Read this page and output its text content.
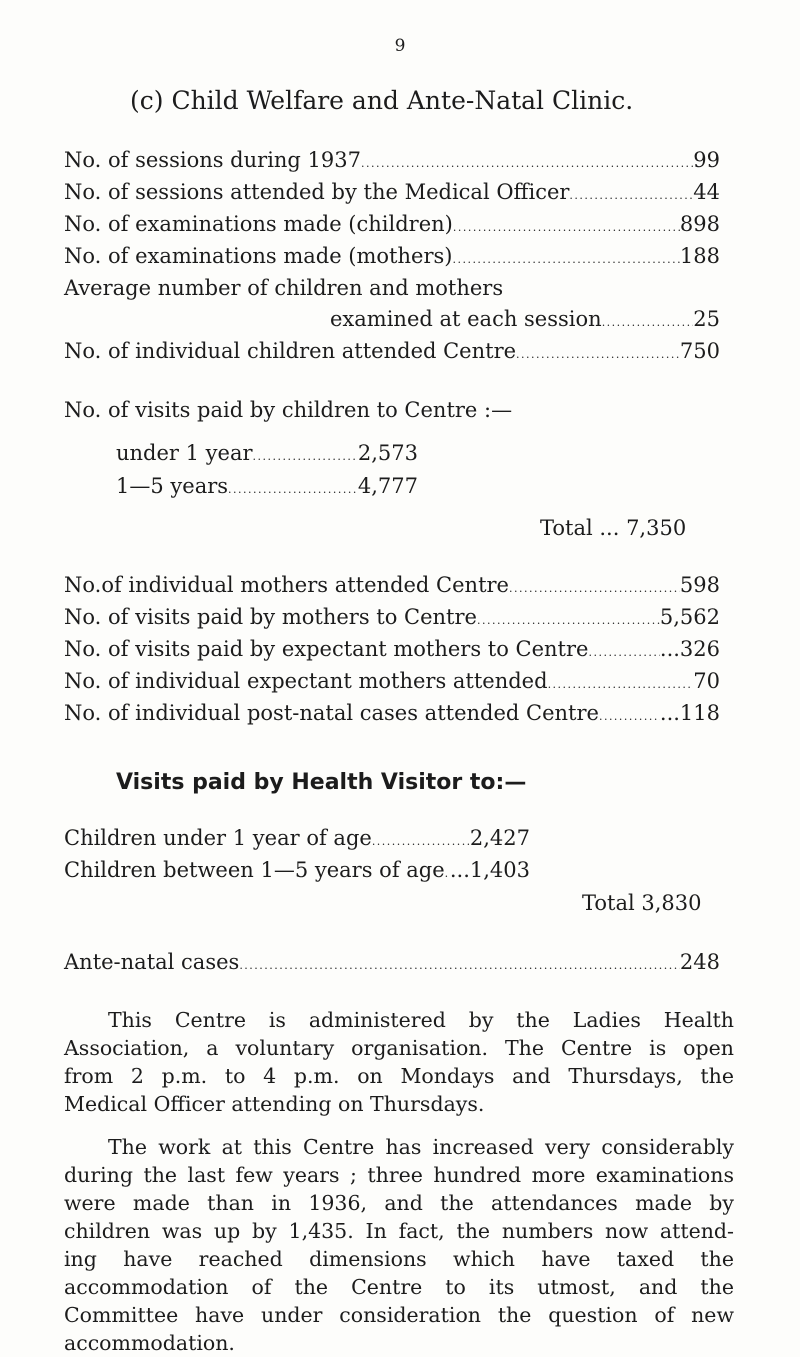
9
(c) Child Welfare and Ante-Natal Clinic.
No. of sessions during 1937 . . .	99
No. of sessions attended by the Medical Officer . . .	44
No. of examinations made (children) . . .	898
No. of examinations made (mothers) . . .	188
Average number of children and mothers
examined at each session . . .	25
No. of individual children attended Centre . . .	750
No. of visits paid by children to Centre :—
under 1 year . . .	2,573
1—5 years . . .	4,777
Total ... 7,350
No.of individual mothers attended Centre . . .	598
No. of visits paid by mothers to Centre . . .	5,562
No. of visits paid by expectant mothers to Centre . . .	...326
No. of individual expectant mothers attended . . .	70
No. of individual post-natal cases attended Centre . . .	...118
Visits paid by Health Visitor to:—
Children under 1 year of age . . .	2,427
Children between 1—5 years of age . . . ...1,403
Total 3,830
Ante-natal cases . . .	248
This Centre is administered by the Ladies Health
Association, a voluntary organisation. The Centre is open
from 2 p.m. to 4 p.m. on Mondays and Thursdays, the
Medical Officer attending on Thursdays.
The work at this Centre has increased very considerably
during the last few years ; three hundred more examinations
were made than in 1936, and the attendances made by
children was up by 1,435. In fact, the numbers now attend-
ing have reached dimensions which have taxed the
accommodation of the Centre to its utmost, and the
Committee have under consideration the question of new
accommodation.
